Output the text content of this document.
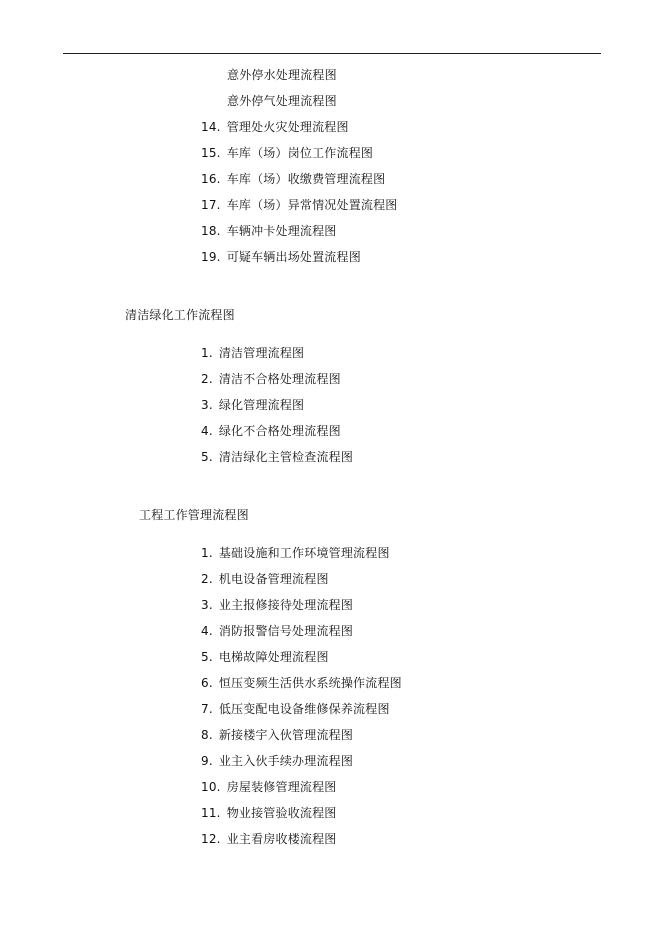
意外停水处理流程图
意外停气处理流程图
14. 管理处火灾处理流程图
15. 车库（场）岗位工作流程图
16. 车库（场）收缴费管理流程图
17. 车库（场）异常情况处置流程图
18. 车辆冲卡处理流程图
19. 可疑车辆出场处置流程图
清洁绿化工作流程图
1. 清洁管理流程图
2. 清洁不合格处理流程图
3. 绿化管理流程图
4. 绿化不合格处理流程图
5. 清洁绿化主管检查流程图
工程工作管理流程图
1. 基础设施和工作环境管理流程图
2. 机电设备管理流程图
3. 业主报修接待处理流程图
4. 消防报警信号处理流程图
5. 电梯故障处理流程图
6. 恒压变频生活供水系统操作流程图
7. 低压变配电设备维修保养流程图
8. 新接楼宇入伙管理流程图
9. 业主入伙手续办理流程图
10. 房屋装修管理流程图
11. 物业接管验收流程图
12. 业主看房收楼流程图
